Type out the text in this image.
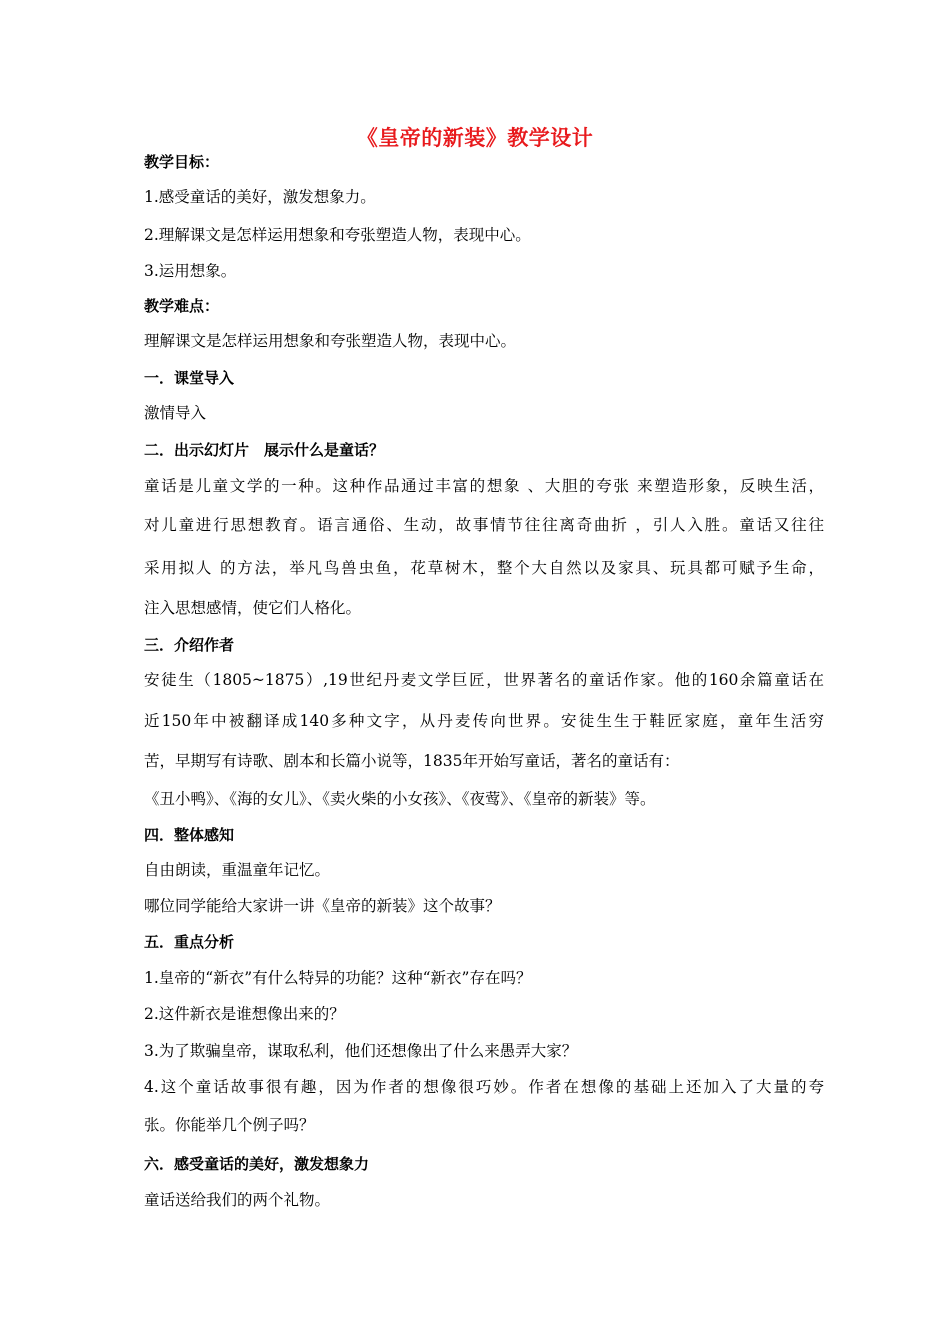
《皇帝的新装》教学设计
教学目标：
1.感受童话的美好，激发想象力。
2.理解课文是怎样运用想象和夸张塑造人物，表现中心。
3.运用想象。
教学难点：
理解课文是怎样运用想象和夸张塑造人物，表现中心。
一．课堂导入
激情导入
二．出示幻灯片　展示什么是童话？
童话是儿童文学的一种。这种作品通过丰富的想象 、大胆的夸张 来塑造形象，反映生活，
对儿童进行思想教育。语言通俗、生动，故事情节往往离奇曲折 ，引人入胜。童话又往往
采用拟人 的方法，举凡鸟兽虫鱼，花草树木，整个大自然以及家具、玩具都可赋予生命，
注入思想感情，使它们人格化。
三．介绍作者
安徒生（1805~1875）,19世纪丹麦文学巨匠，世界著名的童话作家。他的160余篇童话在
近150年中被翻译成140多种文字，从丹麦传向世界。安徒生生于鞋匠家庭，童年生活穷
苦，早期写有诗歌、剧本和长篇小说等，1835年开始写童话，著名的童话有：
《丑小鸭》、《海的女儿》、《卖火柴的小女孩》、《夜莺》、《皇帝的新装》等。
四．整体感知
自由朗读，重温童年记忆。
哪位同学能给大家讲一讲《皇帝的新装》这个故事？
五．重点分析
1.皇帝的“新衣”有什么特异的功能？这种“新衣”存在吗？
2.这件新衣是谁想像出来的？
3.为了欺骗皇帝，谋取私利，他们还想像出了什么来愚弄大家？
4.这个童话故事很有趣，因为作者的想像很巧妙。作者在想像的基础上还加入了大量的夸
张。你能举几个例子吗？
六．感受童话的美好，激发想象力
童话送给我们的两个礼物。
